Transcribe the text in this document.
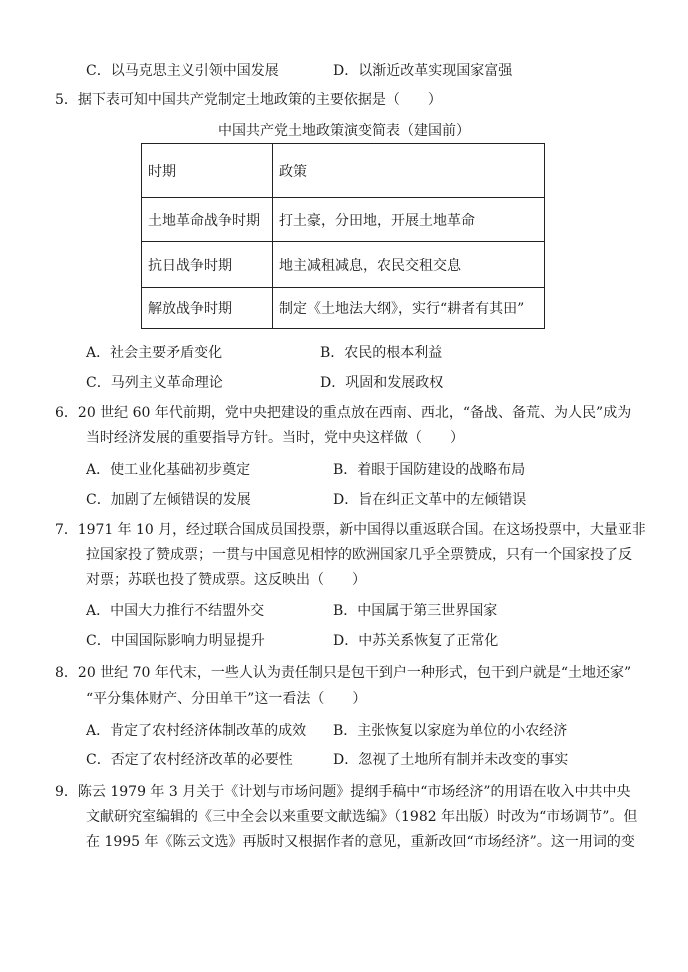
C．以马克思主义引领中国发展	D．以渐近改革实现国家富强
5．据下表可知中国共产党制定土地政策的主要依据是（　　）
中国共产党土地政策演变简表（建国前）
时期	政策
土地革命战争时期	打土豪，分田地，开展土地革命
抗日战争时期	地主减租减息，农民交租交息
解放战争时期	制定《土地法大纲》，实行“耕者有其田”
A．社会主要矛盾变化	B．农民的根本利益
C．马列主义革命理论	D．巩固和发展政权
6．20 世纪 60 年代前期，党中央把建设的重点放在西南、西北，“备战、备荒、为人民”成为
当时经济发展的重要指导方针。当时，党中央这样做（　　）
A．使工业化基础初步奠定	B．着眼于国防建设的战略布局
C．加剧了左倾错误的发展	D．旨在纠正文革中的左倾错误
7．1971 年 10 月，经过联合国成员国投票，新中国得以重返联合国。在这场投票中，大量亚非
拉国家投了赞成票；一贯与中国意见相悖的欧洲国家几乎全票赞成，只有一个国家投了反
对票；苏联也投了赞成票。这反映出（　　）
A．中国大力推行不结盟外交	B．中国属于第三世界国家
C．中国国际影响力明显提升	D．中苏关系恢复了正常化
8．20 世纪 70 年代末，一些人认为责任制只是包干到户一种形式，包干到户就是“土地还家”
“平分集体财产、分田单干”这一看法（　　）
A．肯定了农村经济体制改革的成效 B．主张恢复以家庭为单位的小农经济
C．否定了农村经济改革的必要性	D．忽视了土地所有制并未改变的事实
9．陈云 1979 年 3 月关于《计划与市场问题》提纲手稿中“市场经济”的用语在收入中共中央
文献研究室编辑的《三中全会以来重要文献选编》（1982 年出版）时改为“市场调节”。但
在 1995 年《陈云文选》再版时又根据作者的意见，重新改回“市场经济”。这一用词的变
